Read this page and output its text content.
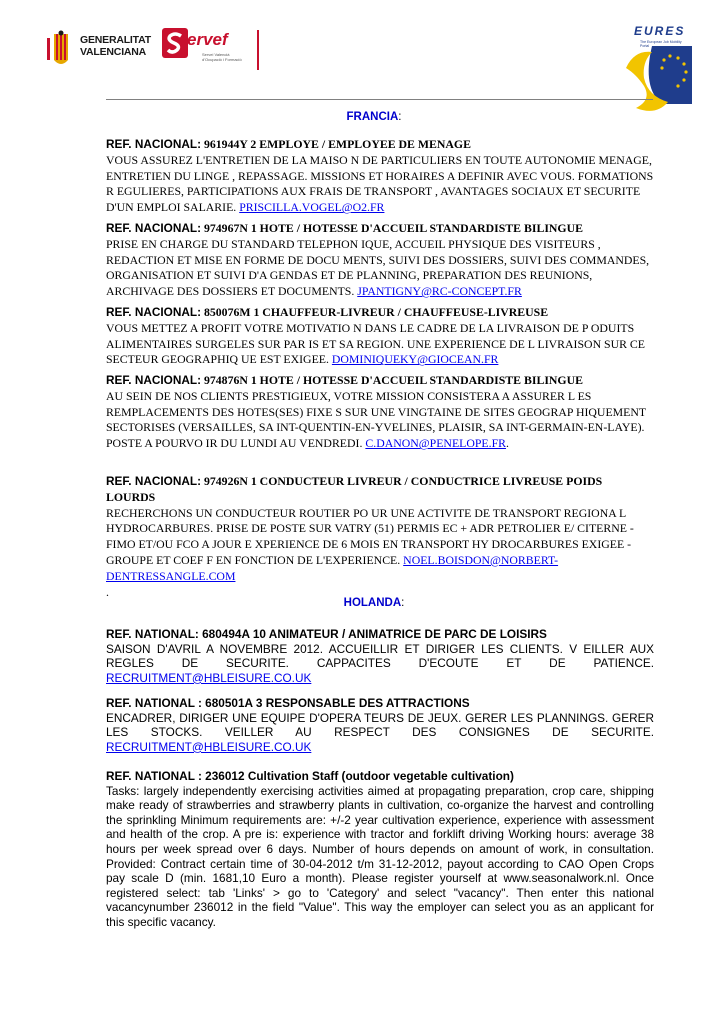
GENERALITAT
VALENCIANA
ervef
Servei Valencià
d'Ocupació i Formació
EURES
The European Job Mobility Portal
FRANCIA:
REF. NACIONAL: 961944Y 2 EMPLOYE / EMPLOYEE DE MENAGE
VOUS ASSUREZ L'ENTRETIEN DE LA MAISO N DE PARTICULIERS EN TOUTE AUTONOMIE MENAGE, ENTRETIEN DU LINGE , REPASSAGE. MISSIONS ET HORAIRES A DEFINIR AVEC VOUS. FORMATIONS R EGULIERES, PARTICIPATIONS AUX FRAIS DE TRANSPORT , AVANTAGES SOCIAUX ET SECURITE D'UN EMPLOI SALARIE. PRISCILLA.VOGEL@O2.FR
REF. NACIONAL: 974967N 1 HOTE / HOTESSE D'ACCUEIL STANDARDISTE BILINGUE
PRISE EN CHARGE DU STANDARD TELEPHON IQUE, ACCUEIL PHYSIQUE DES VISITEURS , REDACTION ET MISE EN FORME DE DOCU MENTS, SUIVI DES DOSSIERS, SUIVI DES COMMANDES, ORGANISATION ET SUIVI D'A GENDAS ET DE PLANNING, PREPARATION DES REUNIONS, ARCHIVAGE DES DOSSIERS ET DOCUMENTS. JPANTIGNY@RC-CONCEPT.FR
REF. NACIONAL: 850076M 1 CHAUFFEUR-LIVREUR / CHAUFFEUSE-LIVREUSE
VOUS METTEZ A PROFIT VOTRE MOTIVATIO N DANS LE CADRE DE LA LIVRAISON DE P ODUITS ALIMENTAIRES SURGELES SUR PAR IS ET SA REGION. UNE EXPERIENCE DE L LIVRAISON SUR CE SECTEUR GEOGRAPHIQ UE EST EXIGEE. DOMINIQUEKY@GIOCEAN.FR
REF. NACIONAL: 974876N 1 HOTE / HOTESSE D'ACCUEIL STANDARDISTE BILINGUE
AU SEIN DE NOS CLIENTS PRESTIGIEUX, VOTRE MISSION CONSISTERA A ASSURER L ES REMPLACEMENTS DES HOTES(SES) FIXE S SUR UNE VINGTAINE DE SITES GEOGRAP HIQUEMENT SECTORISES (VERSAILLES, SA INT-QUENTIN-EN-YVELINES, PLAISIR, SA INT-GERMAIN-EN-LAYE). POSTE A POURVO IR DU LUNDI AU VENDREDI. C.DANON@PENELOPE.FR.
REF. NACIONAL: 974926N 1 CONDUCTEUR LIVREUR / CONDUCTRICE LIVREUSE POIDS LOURDS
RECHERCHONS UN CONDUCTEUR ROUTIER PO UR UNE ACTIVITE DE TRANSPORT REGIONA L HYDROCARBURES. PRISE DE POSTE SUR VATRY (51) PERMIS EC + ADR PETROLIER E/ CITERNE - FIMO ET/OU FCO A JOUR E XPERIENCE DE 6 MOIS EN TRANSPORT HY DROCARBURES EXIGEE - GROUPE ET COEF F EN FONCTION DE L'EXPERIENCE. NOEL.BOISDON@NORBERT-DENTRESSANGLE.COM
.
HOLANDA:
REF. NATIONAL: 680494A 10 ANIMATEUR / ANIMATRICE DE PARC DE LOISIRS
SAISON D'AVRIL A NOVEMBRE 2012. ACCUEILLIR ET DIRIGER LES CLIENTS. V EILLER AUX REGLES DE SECURITE. CAPPACITES D'ECOUTE ET DE PATIENCE. RECRUITMENT@HBLEISURE.CO.UK
REF. NATIONAL : 680501A 3 RESPONSABLE DES ATTRACTIONS
ENCADRER, DIRIGER UNE EQUIPE D'OPERA TEURS DE JEUX. GERER LES PLANNINGS. GERER LES STOCKS. VEILLER AU RESPECT DES CONSIGNES DE SECURITE. RECRUITMENT@HBLEISURE.CO.UK
REF. NATIONAL : 236012 Cultivation Staff (outdoor vegetable cultivation)
Tasks: largely independently exercising activities aimed at propagating preparation, crop care, shipping make ready of strawberries and strawberry plants in cultivation, co-organize the harvest and controlling the sprinkling Minimum requirements are: +/-2 year cultivation experience, experience with assessment and health of the crop. A pre is: experience with tractor and forklift driving Working hours: average 38 hours per week spread over 6 days. Number of hours depends on amount of work, in consultation. Provided: Contract certain time of 30-04-2012 t/m 31-12-2012, payout according to CAO Open Crops pay scale D (min. 1681,10 Euro a month). Please register yourself at www.seasonalwork.nl. Once registered select: tab 'Links' > go to 'Category' and select "vacancy". Then enter this national vacancynumber 236012 in the field "Value". This way the employer can select you as an applicant for this specific vacancy.
